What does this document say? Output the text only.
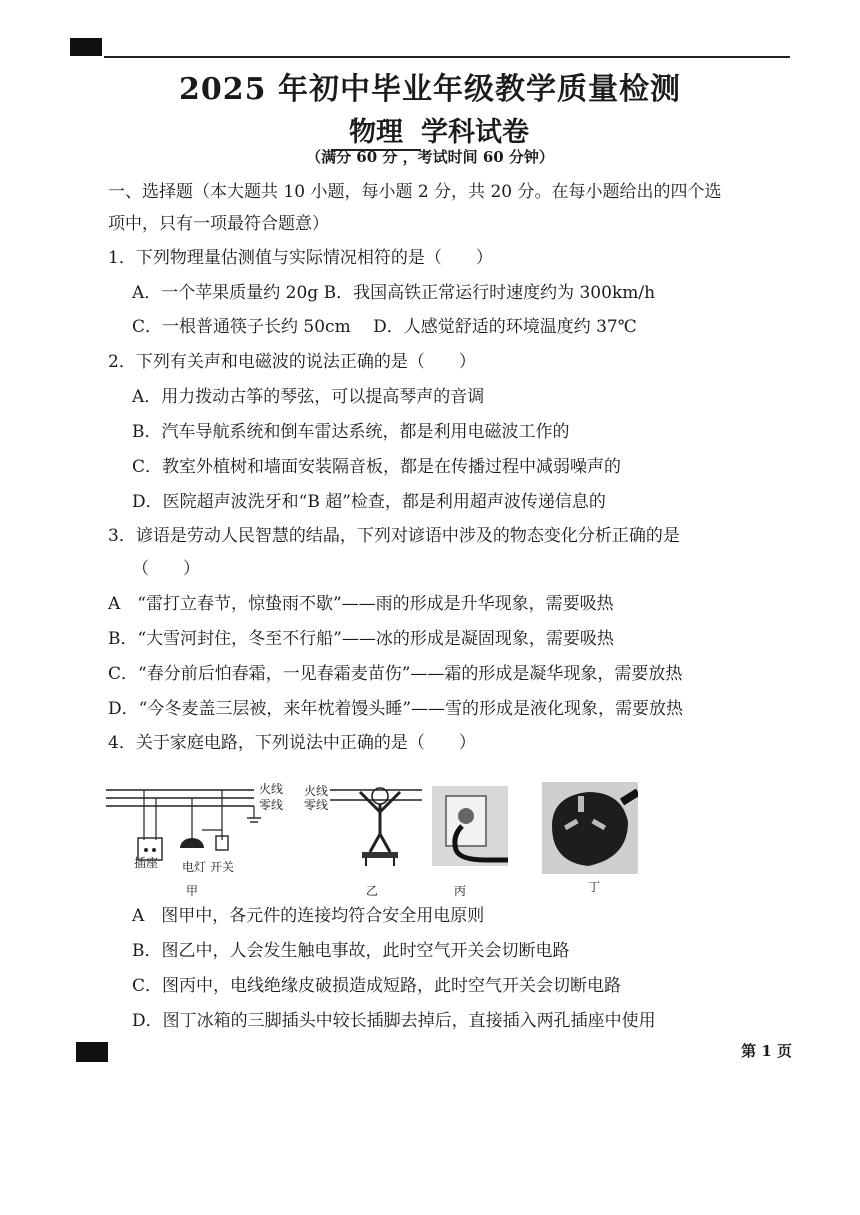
2025 年初中毕业年级教学质量检测
物理 学科试卷
（满分 60 分 ，考试时间 60 分钟）
一、选择题（本大题共 10 小题，每小题 2 分，共 20 分。在每小题给出的四个选
项中，只有一项最符合题意）
1．下列物理量估测值与实际情况相符的是（　　）
A．一个苹果质量约 20g B．我国高铁正常运行时速度约为 300km/h
C．一根普通筷子长约 50cm　 D．人感觉舒适的环境温度约 37℃
2．下列有关声和电磁波的说法正确的是（　　）
A．用力拨动古筝的琴弦，可以提高琴声的音调
B．汽车导航系统和倒车雷达系统，都是利用电磁波工作的
C．教室外植树和墙面安装隔音板，都是在传播过程中减弱噪声的
D．医院超声波洗牙和“B 超”检查，都是利用超声波传递信息的
3．谚语是劳动人民智慧的结晶，下列对谚语中涉及的物态变化分析正确的是
（　　）
A　“雷打立春节，惊蛰雨不歇”——雨的形成是升华现象，需要吸热
B．“大雪河封住，冬至不行船”——冰的形成是凝固现象，需要吸热
C．“春分前后怕春霜，一见春霜麦苗伤”——霜的形成是凝华现象，需要放热
D．“今冬麦盖三层被，来年枕着馒头睡”——雪的形成是液化现象，需要放热
4．关于家庭电路，下列说法中正确的是（　　）
火线
零线
插座 电灯 开关
甲
火线
零线
乙	丙	丁
A　图甲中，各元件的连接均符合安全用电原则
B．图乙中，人会发生触电事故，此时空气开关会切断电路
C．图丙中，电线绝缘皮破损造成短路，此时空气开关会切断电路
D．图丁冰箱的三脚插头中较长插脚去掉后，直接插入两孔插座中使用
第 1 页
